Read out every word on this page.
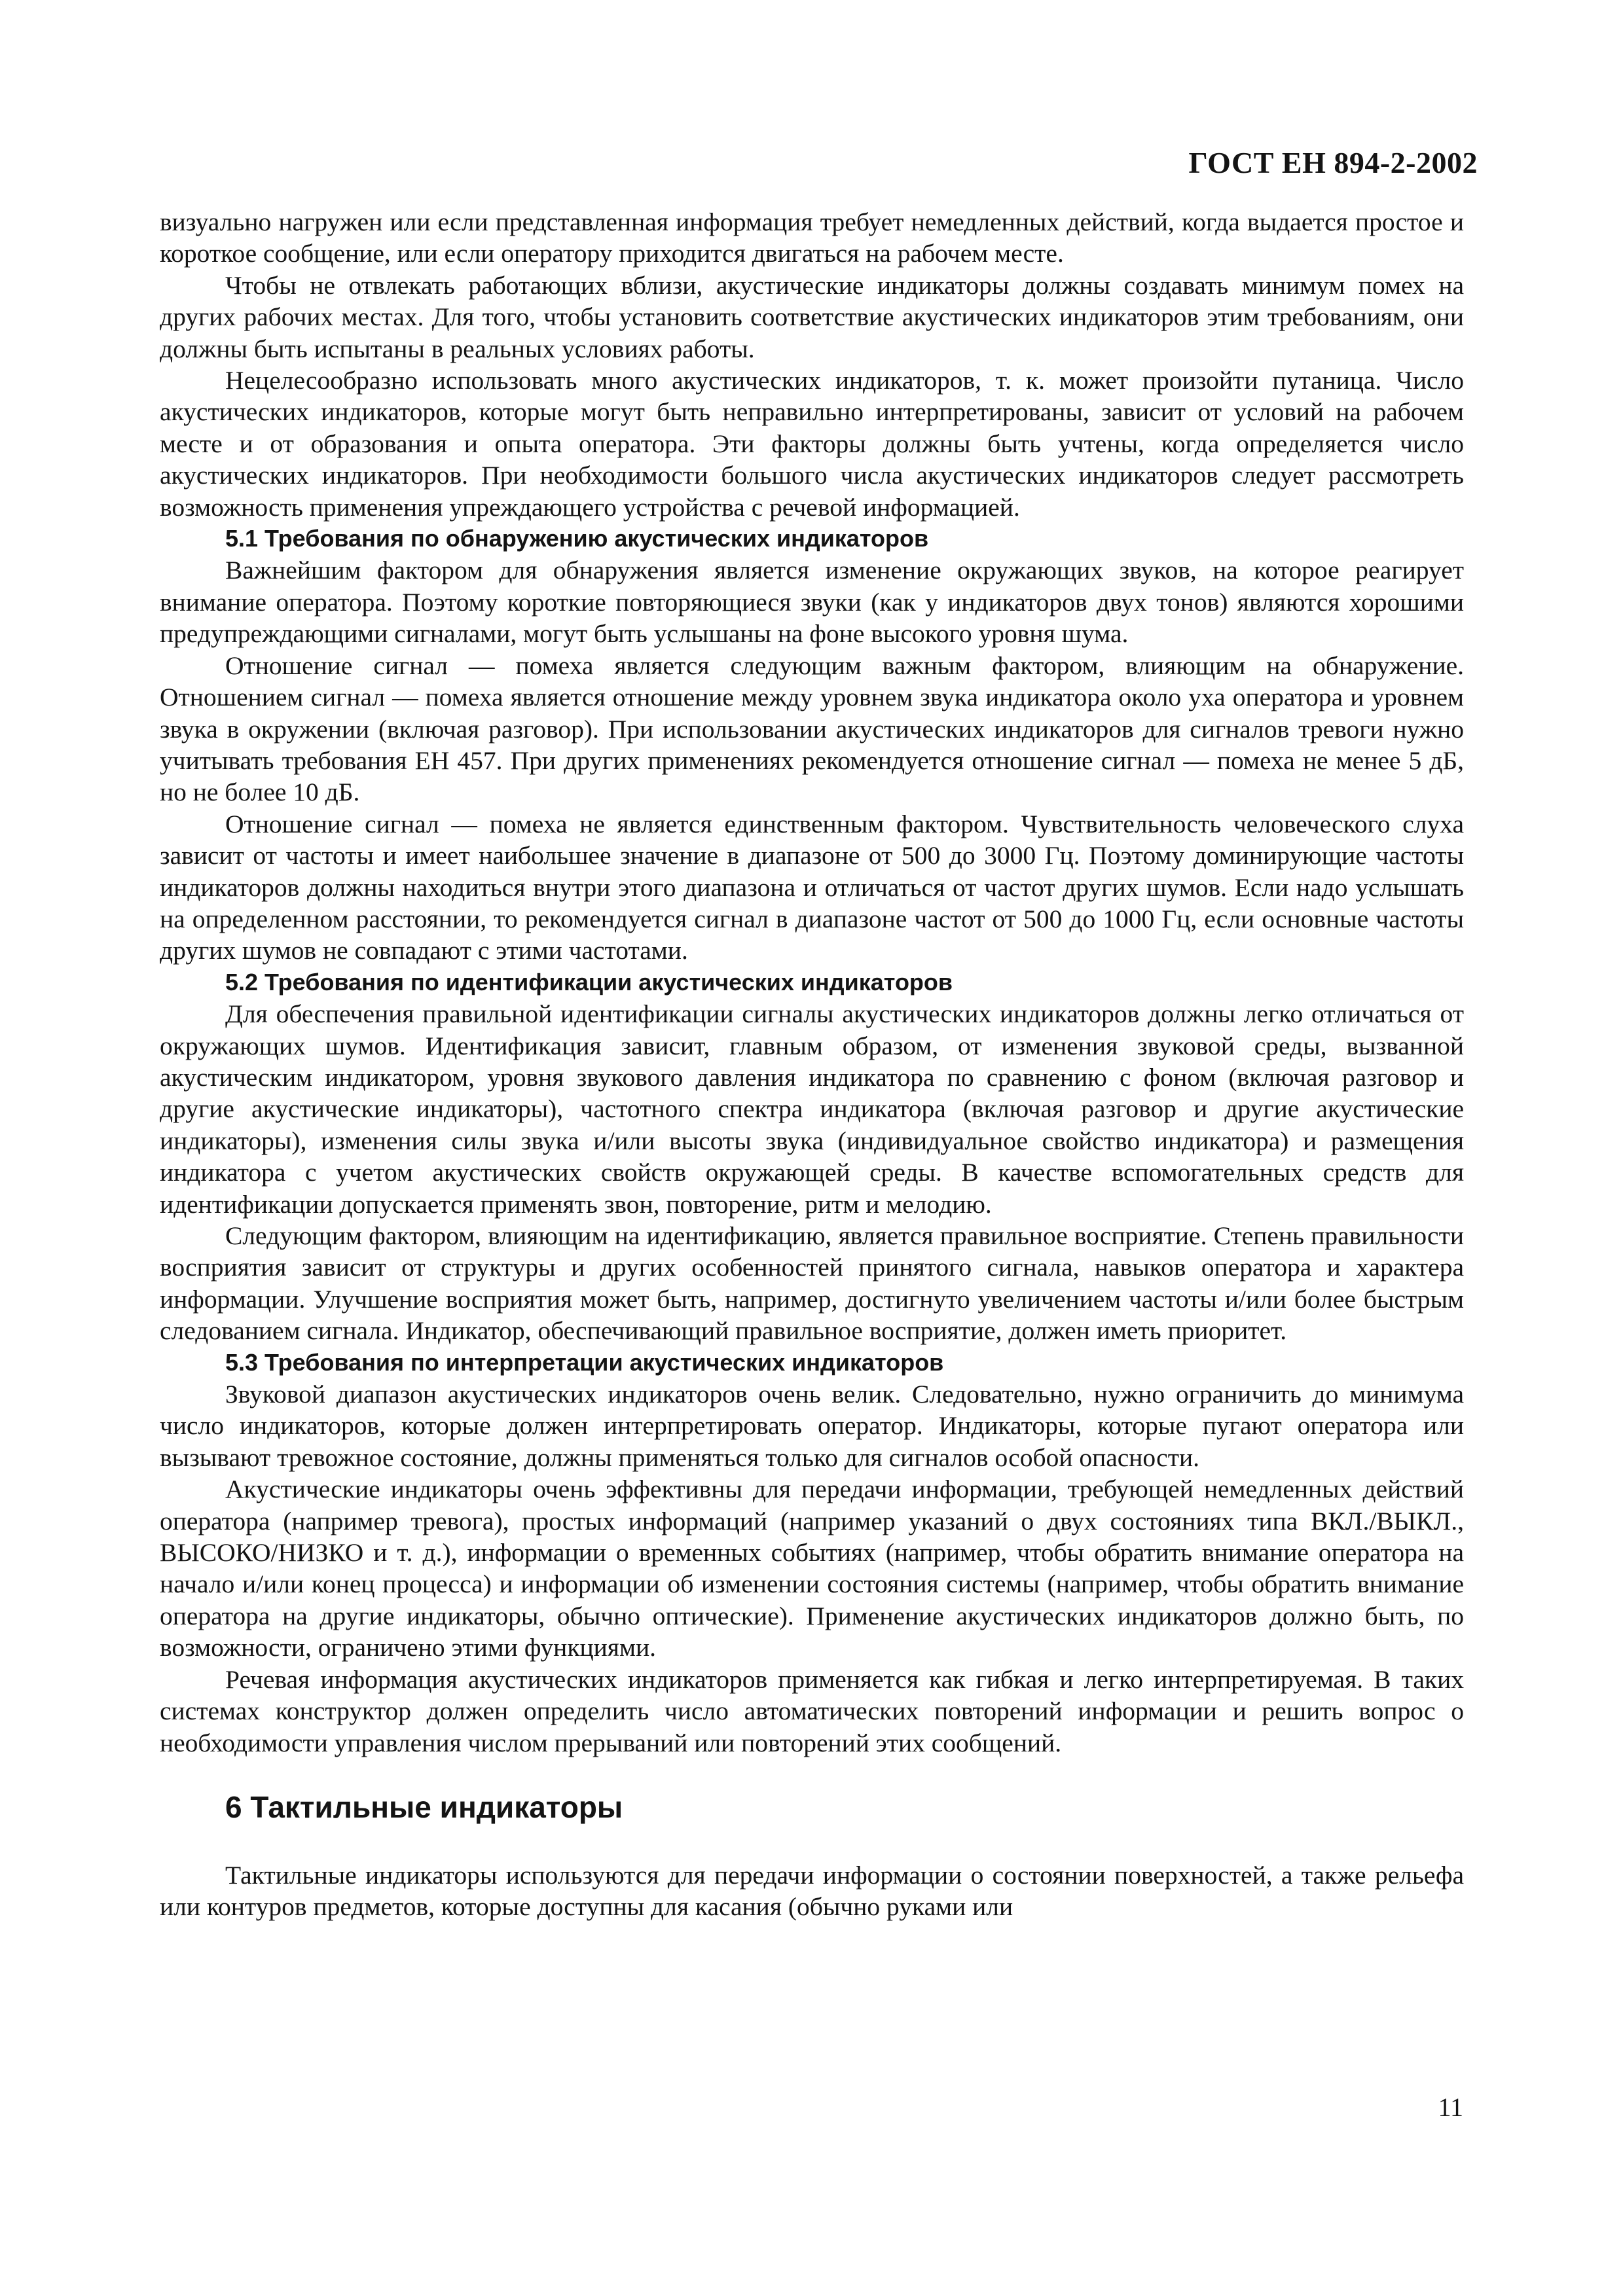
ГОСТ ЕН 894-2-2002

визуально нагружен или если представленная информация требует немедленных действий, когда выдается простое и короткое сообщение, или если оператору приходится двигаться на рабочем месте.

Чтобы не отвлекать работающих вблизи, акустические индикаторы должны создавать минимум помех на других рабочих местах. Для того, чтобы установить соответствие акустических индикаторов этим требованиям, они должны быть испытаны в реальных условиях работы.

Нецелесообразно использовать много акустических индикаторов, т. к. может произойти путаница. Число акустических индикаторов, которые могут быть неправильно интерпретированы, зависит от условий на рабочем месте и от образования и опыта оператора. Эти факторы должны быть учтены, когда определяется число акустических индикаторов. При необходимости большого числа акустических индикаторов следует рассмотреть возможность применения упреждающего устройства с речевой информацией.

5.1 Требования по обнаружению акустических индикаторов

Важнейшим фактором для обнаружения является изменение окружающих звуков, на которое реагирует внимание оператора. Поэтому короткие повторяющиеся звуки (как у индикаторов двух тонов) являются хорошими предупреждающими сигналами, могут быть услышаны на фоне высокого уровня шума.

Отношение сигнал — помеха является следующим важным фактором, влияющим на обнаружение. Отношением сигнал — помеха является отношение между уровнем звука индикатора около уха оператора и уровнем звука в окружении (включая разговор). При использовании акустических индикаторов для сигналов тревоги нужно учитывать требования ЕН 457. При других применениях рекомендуется отношение сигнал — помеха не менее 5 дБ, но не более 10 дБ.

Отношение сигнал — помеха не является единственным фактором. Чувствительность человеческого слуха зависит от частоты и имеет наибольшее значение в диапазоне от 500 до 3000 Гц. Поэтому доминирующие частоты индикаторов должны находиться внутри этого диапазона и отличаться от частот других шумов. Если надо услышать на определенном расстоянии, то рекомендуется сигнал в диапазоне частот от 500 до 1000 Гц, если основные частоты других шумов не совпадают с этими частотами.

5.2 Требования по идентификации акустических индикаторов

Для обеспечения правильной идентификации сигналы акустических индикаторов должны легко отличаться от окружающих шумов. Идентификация зависит, главным образом, от изменения звуковой среды, вызванной акустическим индикатором, уровня звукового давления индикатора по сравнению с фоном (включая разговор и другие акустические индикаторы), частотного спектра индикатора (включая разговор и другие акустические индикаторы), изменения силы звука и/или высоты звука (индивидуальное свойство индикатора) и размещения индикатора с учетом акустических свойств окружающей среды. В качестве вспомогательных средств для идентификации допускается применять звон, повторение, ритм и мелодию.

Следующим фактором, влияющим на идентификацию, является правильное восприятие. Степень правильности восприятия зависит от структуры и других особенностей принятого сигнала, навыков оператора и характера информации. Улучшение восприятия может быть, например, достигнуто увеличением частоты и/или более быстрым следованием сигнала. Индикатор, обеспечивающий правильное восприятие, должен иметь приоритет.

5.3 Требования по интерпретации акустических индикаторов

Звуковой диапазон акустических индикаторов очень велик. Следовательно, нужно ограничить до минимума число индикаторов, которые должен интерпретировать оператор. Индикаторы, которые пугают оператора или вызывают тревожное состояние, должны применяться только для сигналов особой опасности.

Акустические индикаторы очень эффективны для передачи информации, требующей немедленных действий оператора (например тревога), простых информаций (например указаний о двух состояниях типа ВКЛ./ВЫКЛ., ВЫСОКО/НИЗКО и т. д.), информации о временных событиях (например, чтобы обратить внимание оператора на начало и/или конец процесса) и информации об изменении состояния системы (например, чтобы обратить внимание оператора на другие индикаторы, обычно оптические). Применение акустических индикаторов должно быть, по возможности, ограничено этими функциями.

Речевая информация акустических индикаторов применяется как гибкая и легко интерпретируемая. В таких системах конструктор должен определить число автоматических повторений информации и решить вопрос о необходимости управления числом прерываний или повторений этих сообщений.

6 Тактильные индикаторы

Тактильные индикаторы используются для передачи информации о состоянии поверхностей, а также рельефа или контуров предметов, которые доступны для касания (обычно руками или

11
